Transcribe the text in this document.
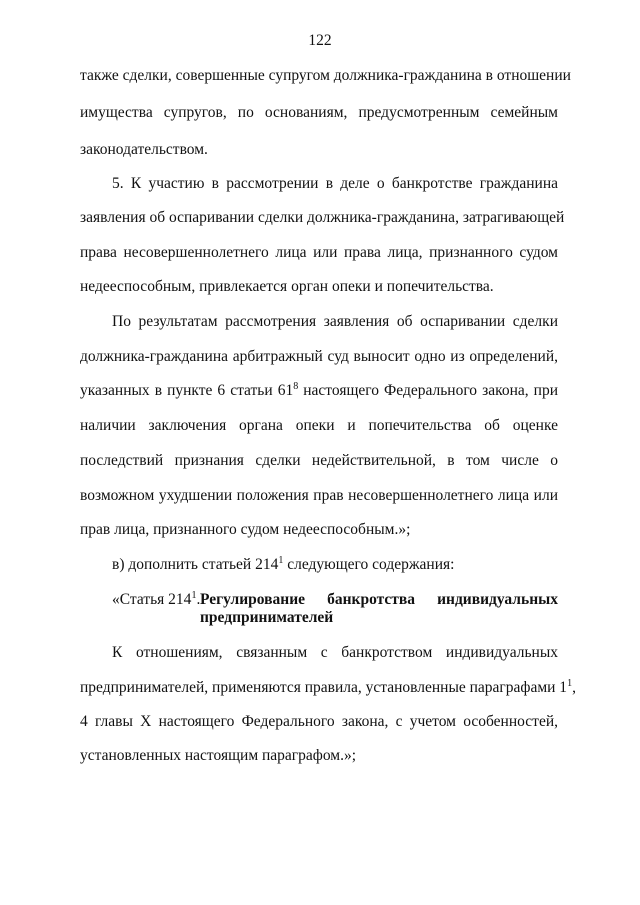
122
также сделки, совершенные супругом должника-гражданина в отношении
имущества супругов, по основаниям, предусмотренным семейным
законодательством.
5. К участию в рассмотрении в деле о банкротстве гражданина
заявления об оспаривании сделки должника-гражданина, затрагивающей
права несовершеннолетнего лица или права лица, признанного судом
недееспособным, привлекается орган опеки и попечительства.
По результатам рассмотрения заявления об оспаривании сделки
должника-гражданина арбитражный суд выносит одно из определений,
указанных в пункте 6 статьи $61^8$ настоящего Федерального закона, при
наличии заключения органа опеки и попечительства об оценке
последствий признания сделки недействительной, в том числе о
возможном ухудшении положения прав несовершеннолетнего лица или
прав лица, признанного судом недееспособным.»;
в) дополнить статьей $214^1$ следующего содержания:
«Статья $214^1$. Регулирование банкротства индивидуальных
предпринимателей
К отношениям, связанным с банкротством индивидуальных
предпринимателей, применяются правила, установленные параграфами $1^1$,
4 главы X настоящего Федерального закона, с учетом особенностей,
установленных настоящим параграфом.»;
